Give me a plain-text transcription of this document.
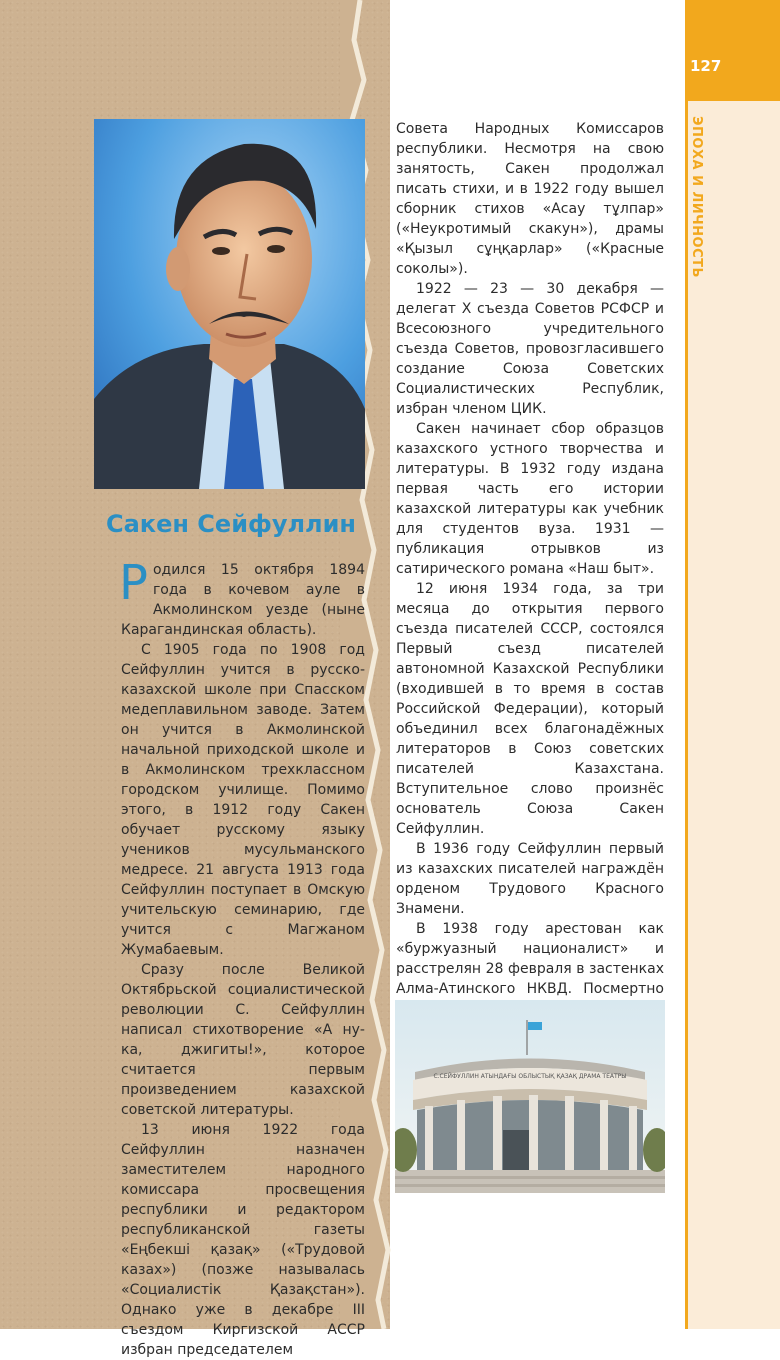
127
ЭПОХА И ЛИЧНОСТЬ
Сакен Сейфуллин

Родился 15 октября 1894 года в кочевом ауле в Акмолинском уезде (ныне Карагандинская область).

С 1905 года по 1908 год Сейфуллин учится в русско-казахской школе при Спасском медеплавильном заводе. Затем он учится в Акмолинской начальной приходской школе и в Акмолинском трехклассном городском училище. Помимо этого, в 1912 году Сакен обучает русскому языку учеников мусульманского медресе. 21 августа 1913 года Сейфуллин поступает в Омскую учительскую семинарию, где учится с Магжаном Жумабаевым.

Сразу после Великой Октябрьской социалистической революции С. Сейфуллин написал стихотворение «А ну-ка, джигиты!», которое считается первым произведением казахской советской литературы.

13 июня 1922 года Сейфуллин назначен заместителем народного комиссара просвещения республики и редактором республиканской газеты «Еңбекші қазақ» («Трудовой казах») (позже называлась «Социалистік Қазақстан»). Однако уже в декабре III съездом Киргизской АССР избран председателем

Совета Народных Комиссаров республики. Несмотря на свою занятость, Сакен продолжал писать стихи, и в 1922 году вышел сборник стихов «Асау тұлпар» («Неукротимый скакун»), драмы «Қызыл сұңқарлар» («Красные соколы»).

1922 — 23 — 30 декабря — делегат X съезда Советов РСФСР и Всесоюзного учредительного съезда Советов, провозгласившего создание Союза Советских Социалистических Республик, избран членом ЦИК.

Сакен начинает сбор образцов казахского устного творчества и литературы. В 1932 году издана первая часть его истории казахской литературы как учебник для студентов вуза. 1931 — публикация отрывков из сатирического романа «Наш быт».

12 июня 1934 года, за три месяца до открытия первого съезда писателей СССР, состоялся Первый съезд писателей автономной Казахской Республики (входившей в то время в состав Российской Федерации), который объединил всех благонадёжных литераторов в Союз советских писателей Казахстана. Вступительное слово произнёс основатель Союза Сакен Сейфуллин.

В 1936 году Сейфуллин первый из казахских писателей награждён орденом Трудового Красного Знамени.

В 1938 году арестован как «буржуазный националист» и расстрелян 28 февраля в застенках Алма-Атинского НКВД. Посмертно

С.СЕЙФУЛЛИН АТЫНДАҒЫ ОБЛЫСТЫҚ ҚАЗАҚ ДРАМА ТЕАТРЫ
